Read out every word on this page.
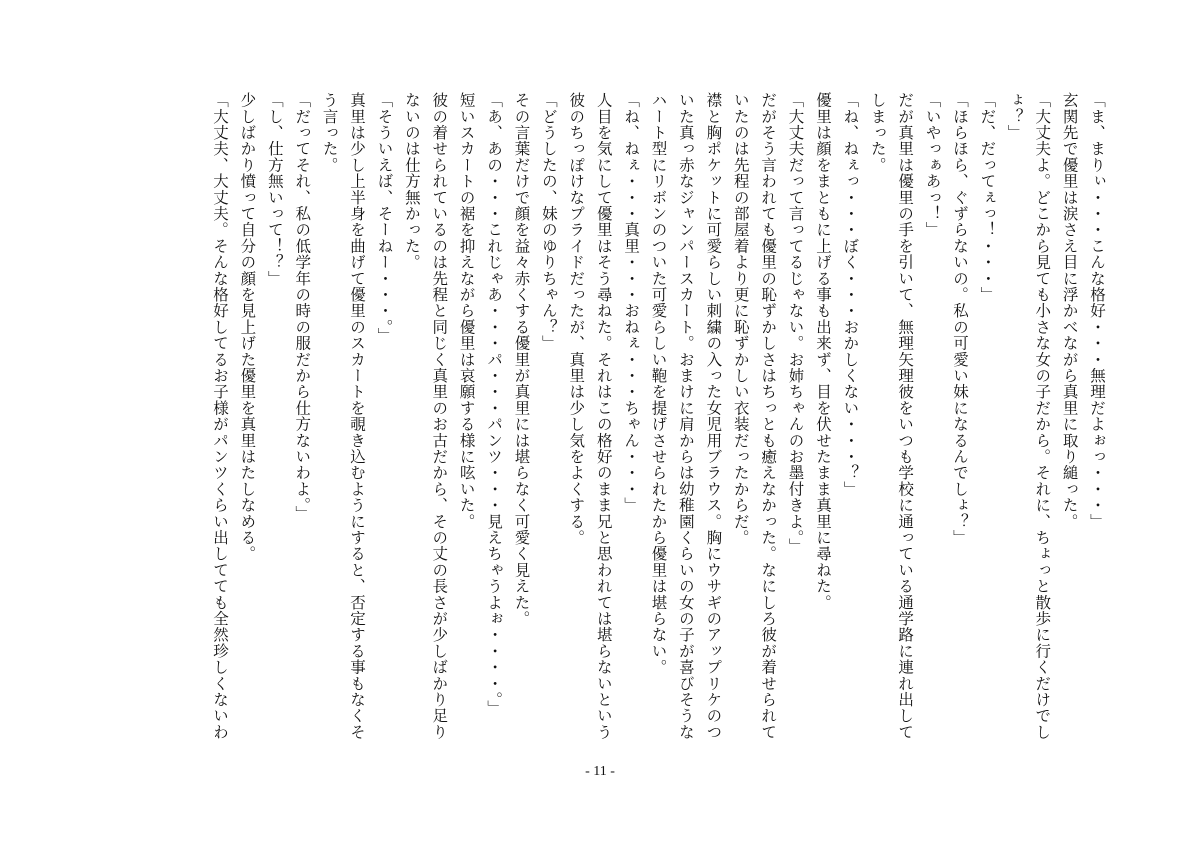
「ま、まりぃ・・・こんな格好・・・無理だよぉっ・・・」

玄関先で優里は涙さえ目に浮かべながら真里に取り縋った。

「大丈夫よ。どこから見ても小さな女の子だから。それに、ちょっと散歩に行くだけでし

ょ？」

「だ、だってぇっ！・・・」

「ほらほら、ぐずらないの。私の可愛い妹になるんでしょ？」

「いやっぁあっ！」

だが真里は優里の手を引いて、無理矢理彼をいつも学校に通っている通学路に連れ出して

しまった。

「ね、ねぇっ・・・ぼく・・・おかしくない・・・？」

優里は顔をまともに上げる事も出来ず、目を伏せたまま真里に尋ねた。

「大丈夫だって言ってるじゃない。お姉ちゃんのお墨付きよ。」

だがそう言われても優里の恥ずかしさはちっとも癒えなかった。なにしろ彼が着せられて

いたのは先程の部屋着より更に恥ずかしい衣装だったからだ。

襟と胸ポケットに可愛らしい刺繍の入った女児用ブラウス。胸にウサギのアップリケのつ

いた真っ赤なジャンパースカート。おまけに肩からは幼稚園くらいの女の子が喜びそうな

ハート型にリボンのついた可愛らしい鞄を提げさせられたから優里は堪らない。

「ね、ねぇ・・・真里・・・おねぇ・・・ちゃん・・・」

人目を気にして優里はそう尋ねた。それはこの格好のまま兄と思われては堪らないという

彼のちっぽけなプライドだったが、真里は少し気をよくする。

「どうしたの、妹のゆりちゃん？」

その言葉だけで顔を益々赤くする優里が真里には堪らなく可愛く見えた。

「あ、あの・・・これじゃあ・・・パ・・・パンツ・・・見えちゃうよぉ・・・・。」

短いスカートの裾を抑えながら優里は哀願する様に呟いた。

彼の着せられているのは先程と同じく真里のお古だから、その丈の長さが少しばかり足り

ないのは仕方無かった。

「そういえば、そーねー・・・。」

真里は少し上半身を曲げて優里のスカートを覗き込むようにすると、否定する事もなくそ

う言った。

「だってそれ、私の低学年の時の服だから仕方ないわよ。」

「し、仕方無いって！？」

少しばかり憤って自分の顔を見上げた優里を真里はたしなめる。

「大丈夫、大丈夫。そんな格好してるお子様がパンツくらい出してても全然珍しくないわ

- 11 -
